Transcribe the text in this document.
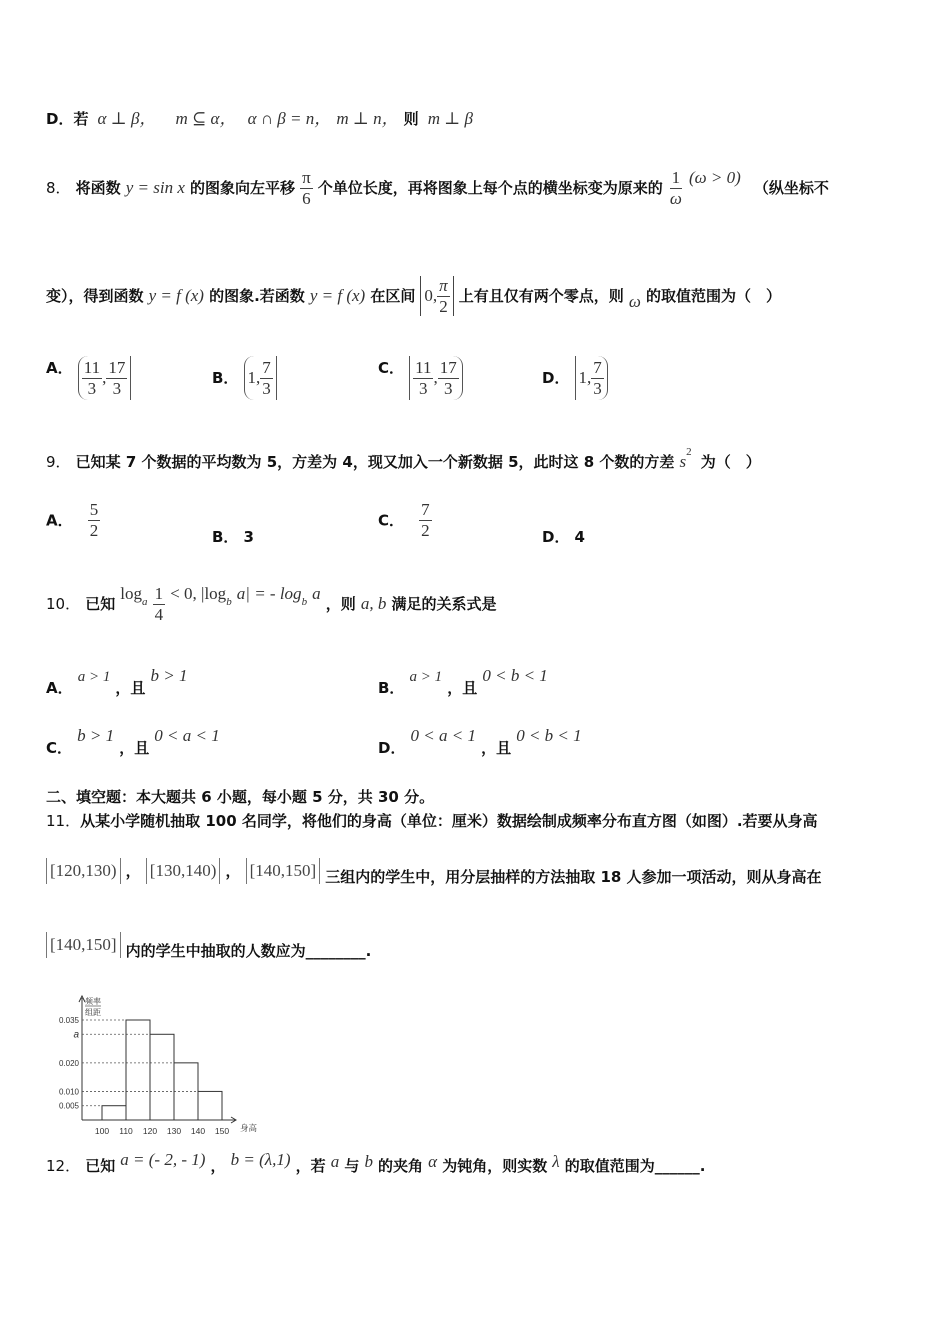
D．若 α ⊥ β， m ⊆ α， α ∩ β = n， m ⊥ n， 则 m ⊥ β
8． 将函数 y = sin x 的图象向左平移 $\frac{\pi}{6}$ 个单位长度，再将图象上每个点的横坐标变为原来的 $\frac{1}{\omega} (\omega > 0)$ （纵坐标不
变），得到函数 y = f (x) 的图象.若函数 y = f (x) 在区间 0, $\frac{\pi}{2}$ 上有且仅有两个零点，则 ω 的取值范围为（　）
A． $\frac{11}{3}$ , $\frac{17}{3}$	B． 1, $\frac{7}{3}$	C． $\frac{11}{3}$ , $\frac{17}{3}$	D． 1, $\frac{7}{3}$
9． 已知某 7 个数据的平均数为 5，方差为 4，现又加入一个新数据 5，此时这 8 个数的方差 $s^2$ 为（　）
A． $\frac{5}{2}$	B． 3
C． $\frac{7}{2}$	D． 4
10． 已知 $\log_a \frac{1}{4} < 0$, $|\log_b$ a| = - $\log_b a$ ，则 a, b 满足的关系式是
A． a > 1 ，且 b > 1
B． a > 1 ，且 0 < b < 1
C． b > 1 ，且 0 < a < 1
D． 0 < a < 1 ，且 0 < b < 1
二、填空题：本大题共 6 小题，每小题 5 分，共 30 分。
11．从某小学随机抽取 100 名同学，将他们的身高（单位：厘米）数据绘制成频率分布直方图（如图）.若要从身高
[120,130) ， [130,140) ， [140,150] 三组内的学生中，用分层抽样的方法抽取 18 人参加一项活动，则从身高在
[140,150] 内的学生中抽取的人数应为________.
频率
组距
0.035
a
0.020
0.010
0.005
100 110 120 130 140 150 身高
12． 已知 a = (- 2, - 1) ， b = (λ,1) ，若 a 与 b 的夹角 α 为钝角，则实数 λ 的取值范围为______.
